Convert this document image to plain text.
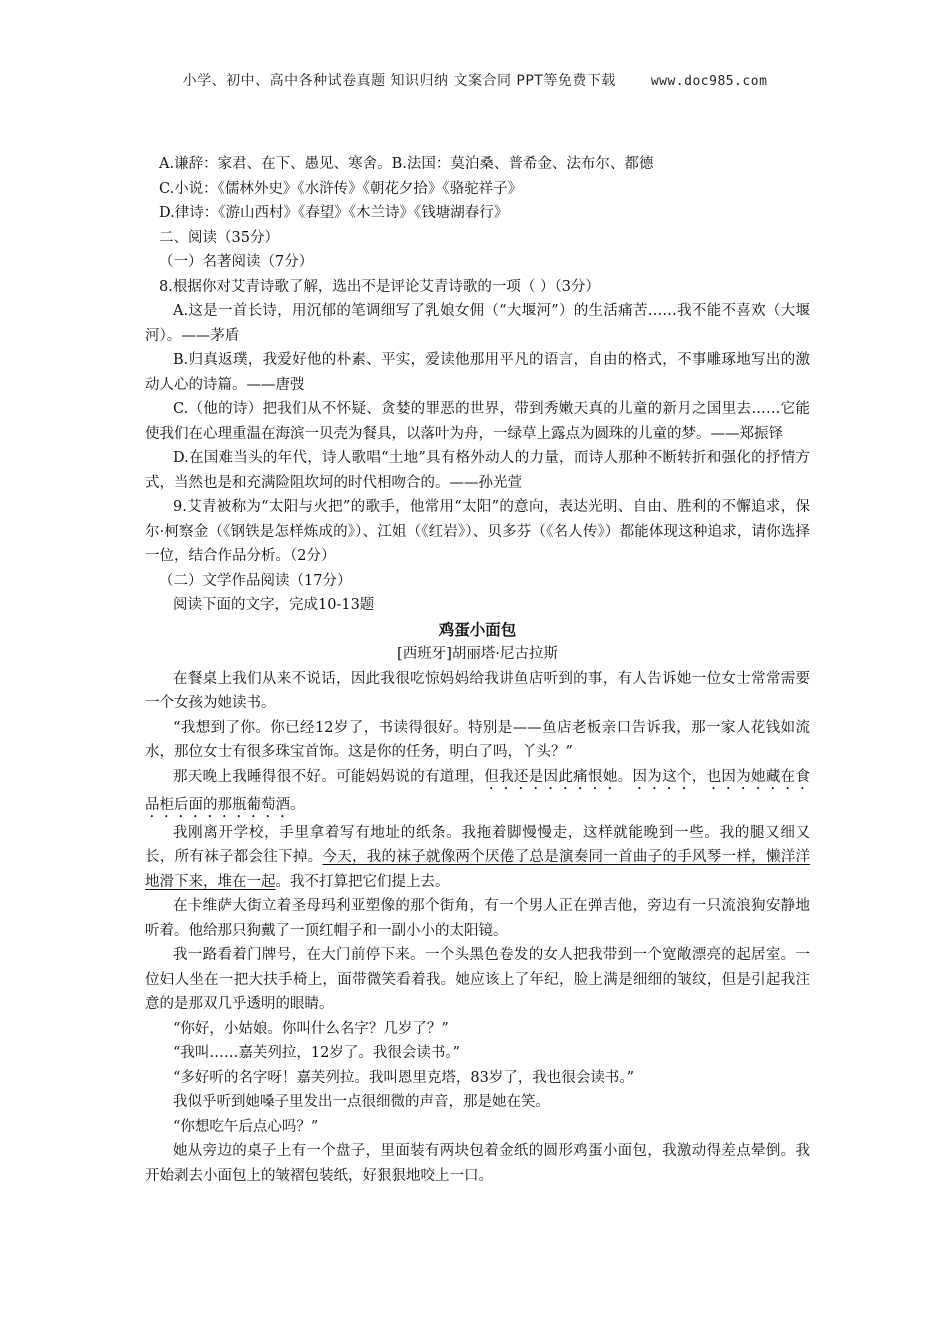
小学、初中、高中各种试卷真题 知识归纳 文案合同 PPT等免费下载	www.doc985.com

A.谦辞：家君、在下、愚见、寒舍。B.法国：莫泊桑、普希金、法布尔、都德

C.小说：《儒林外史》《水浒传》《朝花夕拾》《骆驼祥子》

D.律诗：《游山西村》《春望》《木兰诗》《钱塘湖春行》

二、阅读（35分）

（一）名著阅读（7分）

8.根据你对艾青诗歌了解，选出不是评论艾青诗歌的一项（ ）（3分）

A.这是一首长诗，用沉郁的笔调细写了乳娘女佣（“大堰河”）的生活痛苦……我不能不喜欢（大堰河）。——茅盾

B.归真返璞，我爱好他的朴素、平实，爱读他那用平凡的语言，自由的格式，不事雕琢地写出的激动人心的诗篇。——唐弢

C.（他的诗）把我们从不怀疑、贪婪的罪恶的世界，带到秀嫩天真的儿童的新月之国里去……它能使我们在心理重温在海滨一贝壳为餐具，以落叶为舟，一绿草上露点为圆珠的儿童的梦。——郑振铎

D.在国难当头的年代，诗人歌唱“土地”具有格外动人的力量，而诗人那种不断转折和强化的抒情方式，当然也是和充满险阻坎坷的时代相吻合的。——孙光萱

9.艾青被称为“太阳与火把”的歌手，他常用“太阳”的意向，表达光明、自由、胜利的不懈追求，保尔·柯察金（《钢铁是怎样炼成的》）、江姐（《红岩》）、贝多芬（《名人传》）都能体现这种追求，请你选择一位，结合作品分析。（2分）

（二）文学作品阅读（17分）

阅读下面的文字，完成10-13题

鸡蛋小面包

[西班牙]胡丽塔·尼古拉斯

在餐桌上我们从来不说话，因此我很吃惊妈妈给我讲鱼店听到的事，有人告诉她一位女士常常需要一个女孩为她读书。

“我想到了你。你已经12岁了，书读得很好。特别是——鱼店老板亲口告诉我，那一家人花钱如流水，那位女士有很多珠宝首饰。这是你的任务，明白了吗，丫头？”

那天晚上我睡得很不好。可能妈妈说的有道理，但我还是因此痛恨她。因为这个，也因为她藏在食品柜后面的那瓶葡萄酒。

我刚离开学校，手里拿着写有地址的纸条。我拖着脚慢慢走，这样就能晚到一些。我的腿又细又长，所有袜子都会往下掉。今天，我的袜子就像两个厌倦了总是演奏同一首曲子的手风琴一样，懒洋洋地滑下来，堆在一起。我不打算把它们提上去。

在卡维萨大街立着圣母玛利亚塑像的那个街角，有一个男人正在弹吉他，旁边有一只流浪狗安静地听着。他给那只狗戴了一顶红帽子和一副小小的太阳镜。

我一路看着门牌号，在大门前停下来。一个头黑色卷发的女人把我带到一个宽敞漂亮的起居室。一位妇人坐在一把大扶手椅上，面带微笑看着我。她应该上了年纪，脸上满是细细的皱纹，但是引起我注意的是那双几乎透明的眼睛。

“你好，小姑娘。你叫什么名字？几岁了？”

“我叫……嘉芙列拉，12岁了。我很会读书。”

“多好听的名字呀！嘉芙列拉。我叫恩里克塔，83岁了，我也很会读书。”

我似乎听到她嗓子里发出一点很细微的声音，那是她在笑。

“你想吃午后点心吗？”

她从旁边的桌子上有一个盘子，里面装有两块包着金纸的圆形鸡蛋小面包，我激动得差点晕倒。我开始剥去小面包上的皱褶包装纸，好狠狠地咬上一口。
